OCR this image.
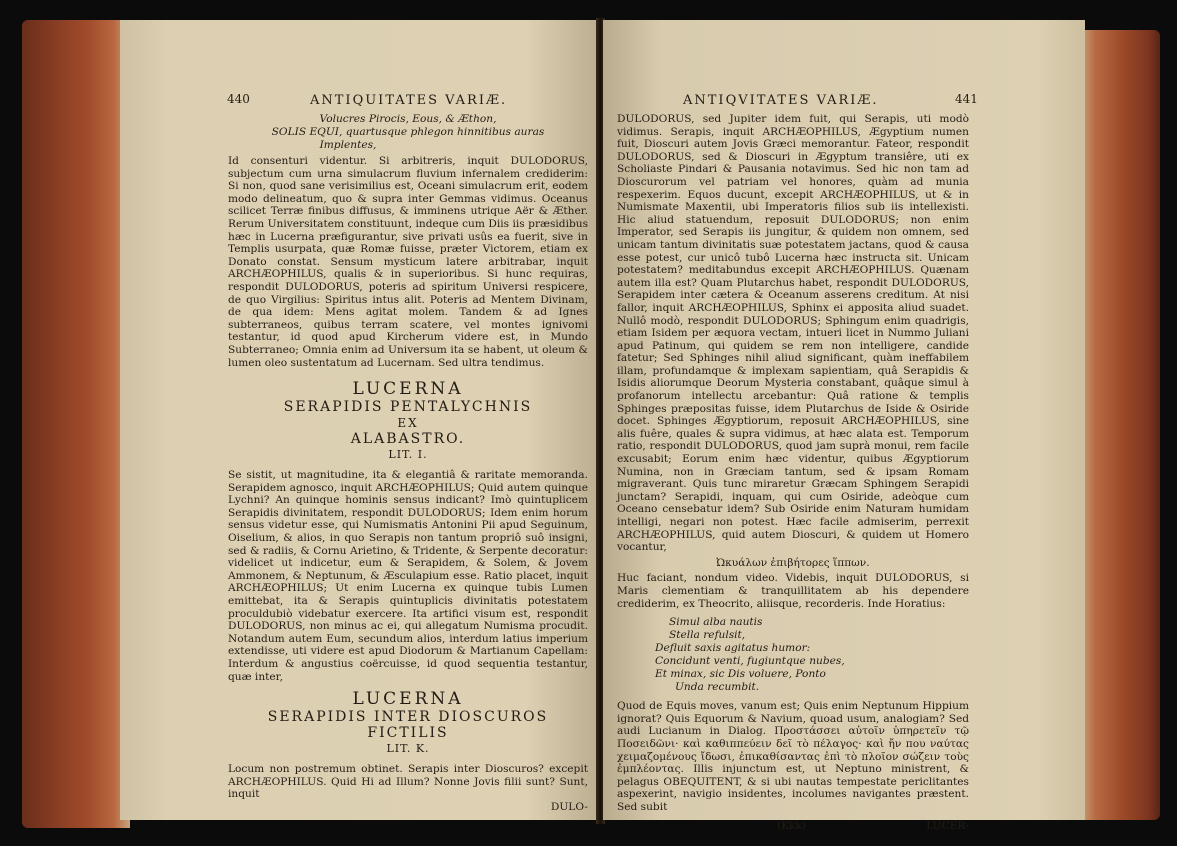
440	ANTIQUITATES VARIÆ.
Volucres Pirocis, Eous, & Æthon,
SOLIS EQUI, quartusque phlegon hinnitibus auras
Implentes,

Id consenturi videntur. Si arbitreris, inquit DULODORUS, subjectum cum urna simulacrum fluvium infernalem crediderim: Si non, quod sane verisimilius est, Oceani simulacrum erit, eodem modo delineatum, quo & supra inter Gemmas vidimus. Oceanus scilicet Terræ finibus diffusus, & imminens utrique Aër & Æther. Rerum Universitatem constituunt, indeque cum Diis iis præsidibus hæc in Lucerna præfigurantur, sive privati usûs ea fuerit, sive in Templis usurpata, quæ Romæ fuisse, præter Victorem, etiam ex Donato constat. Sensum mysticum latere arbitrabar, inquit ARCHÆOPHILUS, qualis & in superioribus. Si hunc requiras, respondit DULODORUS, poteris ad spiritum Universi respicere, de quo Virgilius: Spiritus intus alit. Poteris ad Mentem Divinam, de qua idem: Mens agitat molem. Tandem & ad Ignes subterraneos, quibus terram scatere, vel montes ignivomi testantur, id quod apud Kircherum videre est, in Mundo Subterraneo; Omnia enim ad Universum ita se habent, ut oleum & lumen oleo sustentatum ad Lucernam. Sed ultra tendimus.

LUCERNA
SERAPIDIS PENTALYCHNIS
EX
ALABASTRO.
LIT. I.

Se sistit, ut magnitudine, ita & elegantiâ & raritate memoranda. Serapidem agnosco, inquit ARCHÆOPHILUS; Quid autem quinque Lychni? An quinque hominis sensus indicant? Imò quintuplicem Serapidis divinitatem, respondit DULODORUS; Idem enim horum sensus videtur esse, qui Numismatis Antonini Pii apud Seguinum, Oiselium, & alios, in quo Serapis non tantum propriô suô insigni, sed & radiis, & Cornu Arietino, & Tridente, & Serpente decoratur: videlicet ut indicetur, eum & Serapidem, & Solem, & Jovem Ammonem, & Neptunum, & Æsculapium esse. Ratio placet, inquit ARCHÆOPHILUS; Ut enim Lucerna ex quinque tubis Lumen emittebat, ita & Serapis quintuplicis divinitatis potestatem proculdubiò videbatur exercere. Ita artifici visum est, respondit DULODORUS, non minus ac ei, qui allegatum Numisma procudit. Notandum autem Eum, secundum alios, interdum latius imperium extendisse, uti videre est apud Diodorum & Martianum Capellam: Interdum & angustius coërcuisse, id quod sequentia testantur, quæ inter,

LUCERNA
SERAPIDIS INTER DIOSCUROS
FICTILIS
LIT. K.

Locum non postremum obtinet. Serapis inter Dioscuros? excepit ARCHÆOPHILUS. Quid Hi ad Illum? Nonne Jovis filii sunt? Sunt, inquit

DULO-
ANTIQVITATES VARIÆ.	441

DULODORUS, sed Jupiter idem fuit, qui Serapis, uti modò vidimus. Serapis, inquit ARCHÆOPHILUS, Ægyptium numen fuit, Dioscuri autem Jovis Græci memorantur. Fateor, respondit DULODORUS, sed & Dioscuri in Ægyptum transiêre, uti ex Scholiaste Pindari & Pausania notavimus. Sed hic non tam ad Dioscurorum vel patriam vel honores, quàm ad munia respexerim. Equos ducunt, excepit ARCHÆOPHILUS, ut & in Numismate Maxentii, ubi Imperatoris filios sub iis intellexisti. Hic aliud statuendum, reposuit DULODORUS; non enim Imperator, sed Serapis iis jungitur, & quidem non omnem, sed unicam tantum divinitatis suæ potestatem jactans, quod & causa esse potest, cur unicô tubô Lucerna hæc instructa sit. Unicam potestatem? meditabundus excepit ARCHÆOPHILUS. Quænam autem illa est? Quam Plutarchus habet, respondit DULODORUS, Serapidem inter cætera & Oceanum asserens creditum. At nisi fallor, inquit ARCHÆOPHILUS, Sphinx ei apposita aliud suadet. Nullô modò, respondit DULODORUS; Sphingum enim quadrigis, etiam Isidem per æquora vectam, intueri licet in Nummo Juliani apud Patinum, qui quidem se rem non intelligere, candide fatetur; Sed Sphinges nihil aliud significant, quàm ineffabilem illam, profundamque & implexam sapientiam, quâ Serapidis & Isidis aliorumque Deorum Mysteria constabant, quâque simul à profanorum intellectu arcebantur: Quâ ratione & templis Sphinges præpositas fuisse, idem Plutarchus de Iside & Osiride docet. Sphinges Ægyptiorum, reposuit ARCHÆOPHILUS, sine alis fuêre, quales & supra vidimus, at hæc alata est. Temporum ratio, respondit DULODORUS, quod jam suprà monui, rem facile excusabit; Eorum enim hæc videntur, quibus Ægyptiorum Numina, non in Græciam tantum, sed & ipsam Romam migraverant. Quis tunc miraretur Græcam Sphingem Serapidi junctam? Serapidi, inquam, qui cum Osiride, adeòque cum Oceano censebatur idem? Sub Osiride enim Naturam humidam intelligi, negari non potest. Hæc facile admiserim, perrexit ARCHÆOPHILUS, quid autem Dioscuri, & quidem ut Homero vocantur,

Ὠκυάλων ἐπιβήτορες ἵππων.

Huc faciant, nondum video. Videbis, inquit DULODORUS, si Maris clementiam & tranquillitatem ab his dependere crediderim, ex Theocrito, aliisque, recorderis. Inde Horatius:

Simul alba nautis
Stella refulsit,
Defluit saxis agitatus humor:
Concidunt venti, fugiuntque nubes,
Et minax, sic Dis voluere, Ponto
Unda recumbit.

Quod de Equis moves, vanum est; Quis enim Neptunum Hippium ignorat? Quis Equorum & Navium, quoad usum, analogiam? Sed audi Lucianum in Dialog. Προστάσσει αὐτοῖν ὑπηρετεῖν τῷ Ποσειδῶνι· καὶ καθιππεύειν δεῖ τὸ πέλαγος· καὶ ἤν που ναύτας χειμαζομένους ἴδωσι, ἐπικαθίσαντας ἐπὶ τὸ πλοῖον σώζειν τοὺς ἐμπλέοντας. Illis injunctum est, ut Neptuno ministrent, & pelagus OBEQUITENT, & si ubi nautas tempestate periclitantes aspexerint, navigio insidentes, incolumes navigantes præstent. Sed subit

(Kkk)	LUCER-
